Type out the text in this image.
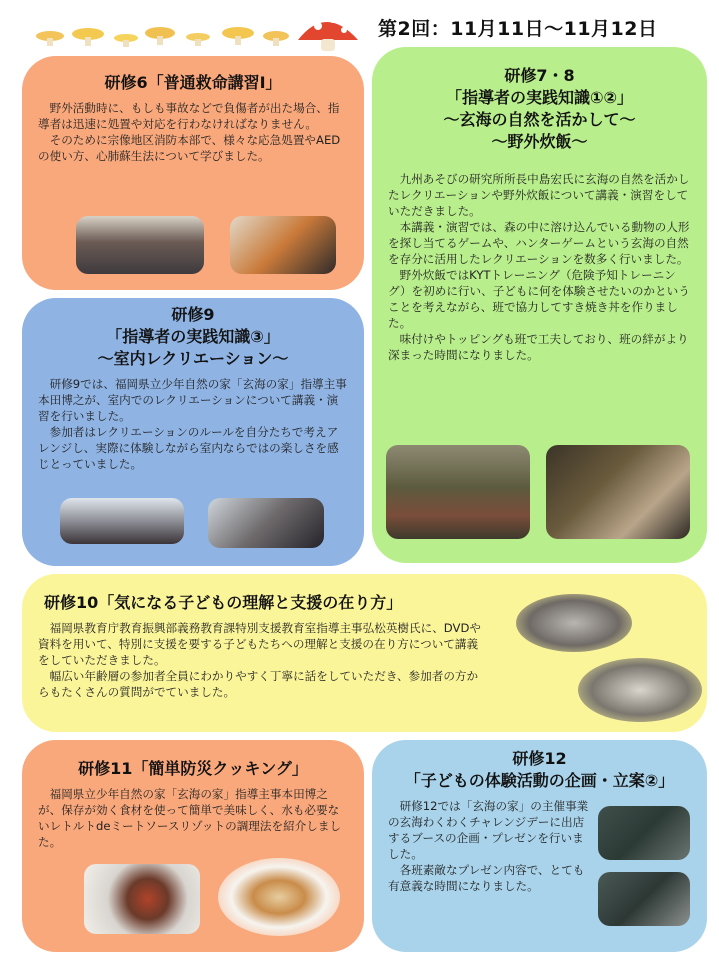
第2回：11月11日〜11月12日
研修6「普通救命講習Ⅰ」

野外活動時に、もしも事故などで負傷者が出た場合、指導者は迅速に処置や対応を行わなければなりません。

そのために宗像地区消防本部で、様々な応急処置やAEDの使い方、心肺蘇生法について学びました。

研修7・8
「指導者の実践知識①②」
〜玄海の自然を活かして〜
〜野外炊飯〜

九州あそびの研究所所長中島宏氏に玄海の自然を活かしたレクリエーションや野外炊飯について講義・演習をしていただきました。

本講義・演習では、森の中に溶け込んでいる動物の人形を探し当てるゲームや、ハンターゲームという玄海の自然を存分に活用したレクリエーションを数多く行いました。

野外炊飯ではKYTトレーニング（危険予知トレーニング）を初めに行い、子どもに何を体験させたいのかということを考えながら、班で協力してすき焼き丼を作りました。

味付けやトッピングも班で工夫しており、班の絆がより深まった時間になりました。

研修9
「指導者の実践知識③」
〜室内レクリエーション〜

研修9では、福岡県立少年自然の家「玄海の家」指導主事本田博之が、室内でのレクリエーションについて講義・演習を行いました。

参加者はレクリエーションのルールを自分たちで考えアレンジし、実際に体験しながら室内ならではの楽しさを感じとっていました。

研修10「気になる子どもの理解と支援の在り方」

福岡県教育庁教育振興部義務教育課特別支援教育室指導主事弘松英樹氏に、DVDや資料を用いて、特別に支援を要する子どもたちへの理解と支援の在り方について講義をしていただきました。

幅広い年齢層の参加者全員にわかりやすく丁寧に話をしていただき、参加者の方からもたくさんの質問がでていました。

研修11「簡単防災クッキング」

福岡県立少年自然の家「玄海の家」指導主事本田博之が、保存が効く食材を使って簡単で美味しく、水も必要ないレトルトdeミートソースリゾットの調理法を紹介しました。

研修12
「子どもの体験活動の企画・立案②」

研修12では「玄海の家」の主催事業の玄海わくわくチャレンジデーに出店するブースの企画・プレゼンを行いました。

各班素敵なプレゼン内容で、とても有意義な時間になりました。
